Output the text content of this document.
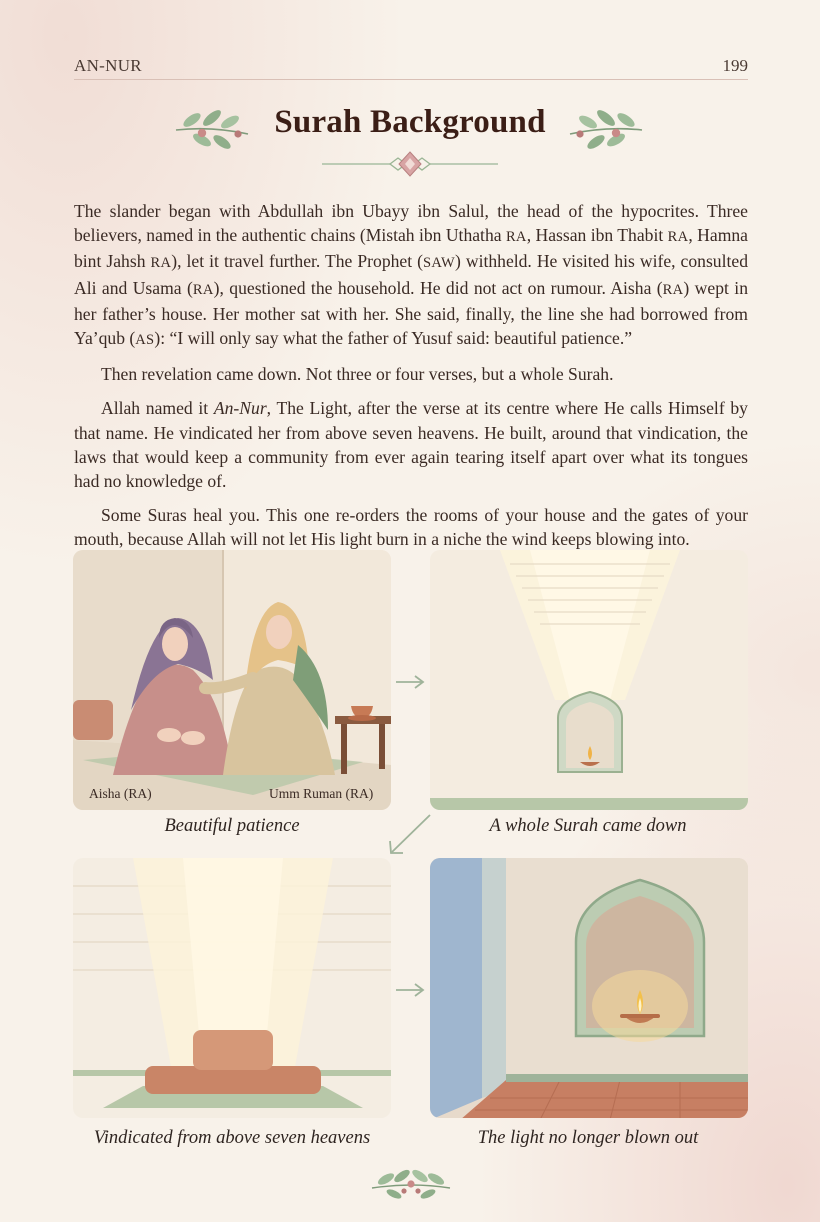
AN-NUR	199
Surah Background

The slander began with Abdullah ibn Ubayy ibn Salul, the head of the hypocrites. Three believers, named in the authentic chains (Mistah ibn Uthatha RA, Hassan ibn Thabit RA, Hamna bint Jahsh RA), let it travel further. The Prophet (SAW) withheld. He visited his wife, consulted Ali and Usama (RA), questioned the household. He did not act on rumour. Aisha (RA) wept in her father’s house. Her mother sat with her. She said, finally, the line she had borrowed from Ya’qub (AS): “I will only say what the father of Yusuf said: beautiful patience.”

Then revelation came down. Not three or four verses, but a whole Surah.

Allah named it An-Nur, The Light, after the verse at its centre where He calls Himself by that name. He vindicated her from above seven heavens. He built, around that vindication, the laws that would keep a community from ever again tearing itself apart over what its tongues had no knowledge of.

Some Suras heal you. This one re-orders the rooms of your house and the gates of your mouth, because Allah will not let His light burn in a niche the wind keeps blowing into.

Aisha (RA)	Umm Ruman (RA)
Beautiful patience	A whole Surah came down
Vindicated from above seven heavens	The light no longer blown out
